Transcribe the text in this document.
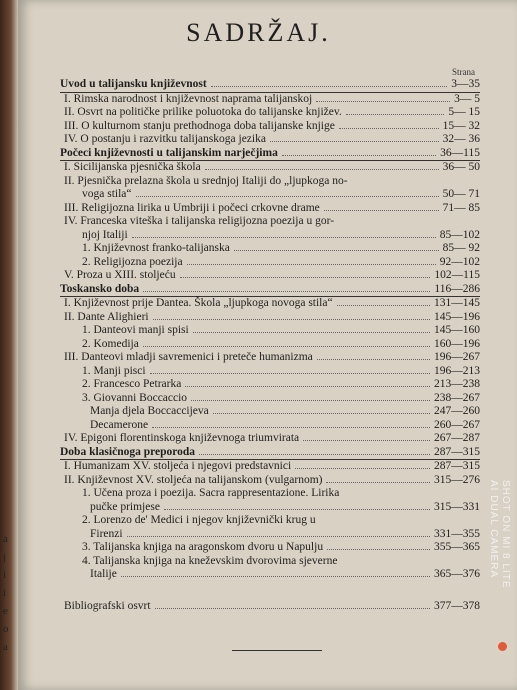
a
j
i
i
e
o
a
SADRŽAJ.
Strana
Uvod u talijansku književnost	3—35
I. Rimska narodnost i književnost naprama talijanskoj	3— 5
II. Osvrt na političke prilike poluotoka do talijanske književ.	5— 15
III. O kulturnom stanju prethodnoga doba talijanske knjige	15— 32
IV. O postanju i razvitku talijanskoga jezika	32— 36
Počeci književnosti u talijanskim narječjima	36—115
I. Sicilijanska pjesnička škola	36— 50
II. Pjesnička prelazna škola u srednjoj Italiji do „ljupkoga no-
voga stila“	50— 71
III. Religijozna lirika u Umbriji i počeci crkovne drame	71— 85
IV. Franceska viteška i talijanska religijozna poezija u gor-
njoj Italiji	85—102
1. Književnost franko-talijanska	85— 92
2. Religijozna poezija	92—102
V. Proza u XIII. stoljeću	102—115
Toskansko doba	116—286
I. Književnost prije Dantea. Škola „ljupkoga novoga stila“	131—145
II. Dante Alighieri	145—196
1. Danteovi manji spisi	145—160
2. Komedija	160—196
III. Danteovi mladji savremenici i preteče humanizma	196—267
1. Manji pisci	196—213
2. Francesco Petrarka	213—238
3. Giovanni Boccaccio	238—267
Manja djela Boccaccijeva	247—260
Decamerone	260—267
IV. Epigoni florentinskoga književnoga triumvirata	267—287
Doba klasičnoga preporoda	287—315
I. Humanizam XV. stoljeća i njegovi predstavnici	287—315
II. Književnost XV. stoljeća na talijanskom (vulgarnom)	315—276
1. Učena proza i poezija. Sacra rappresentazione. Lirika
pučke primjese	315—331
2. Lorenzo de' Medici i njegov književnički krug u
Firenzi	331—355
3. Talijanska knjiga na aragonskom dvoru u Napulju	355—365
4. Talijanska knjiga na kneževskim dvorovima sjeverne
Italije	365—376
Bibliografski osvrt	377—378
SHOT ON MI 8 LITE
AI DUAL CAMERA
